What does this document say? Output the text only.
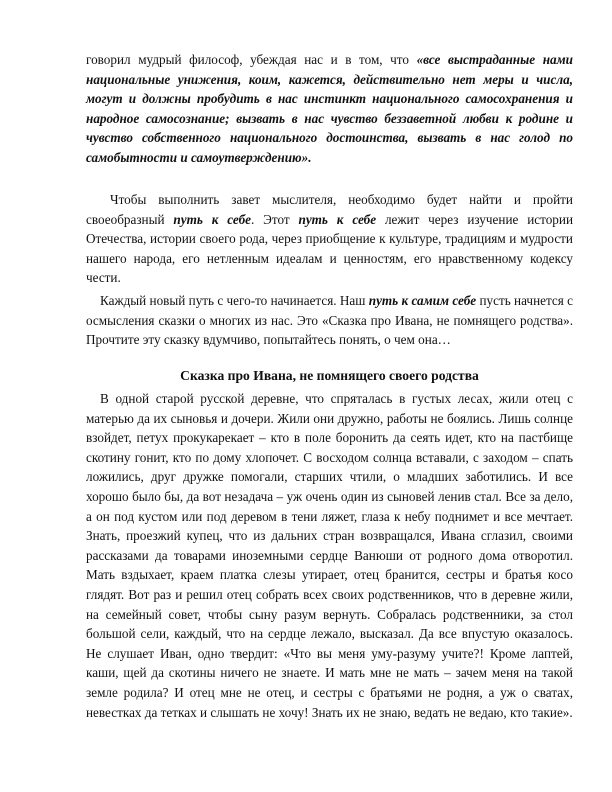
говорил мудрый философ, убеждая нас и в том, что «все выстраданные нами национальные унижения, коим, кажется, действительно нет меры и числа, могут и должны пробудить в нас инстинкт национального самосохранения и народное самосознание; вызвать в нас чувство беззаветной любви к родине и чувство собственного национального достоинства, вызвать в нас голод по самобытности и самоутверждению».
Чтобы выполнить завет мыслителя, необходимо будет найти и пройти своеобразный путь к себе. Этот путь к себе лежит через изучение истории Отечества, истории своего рода, через приобщение к культуре, традициям и мудрости нашего народа, его нетленным идеалам и ценностям, его нравственному кодексу чести.
Каждый новый путь с чего-то начинается. Наш путь к самим себе пусть начнется с осмысления сказки о многих из нас. Это «Сказка про Ивана, не помнящего родства». Прочтите эту сказку вдумчиво, попытайтесь понять, о чем она…
Сказка про Ивана, не помнящего своего родства
В одной старой русской деревне, что спряталась в густых лесах, жили отец с матерью да их сыновья и дочери. Жили они дружно, работы не боялись. Лишь солнце взойдет, петух прокукарекает – кто в поле боронить да сеять идет, кто на пастбище скотину гонит, кто по дому хлопочет. С восходом солнца вставали, с заходом – спать ложились, друг дружке помогали, старших чтили, о младших заботились. И все хорошо было бы, да вот незадача – уж очень один из сыновей ленив стал. Все за дело, а он под кустом или под деревом в тени ляжет, глаза к небу поднимет и все мечтает. Знать, проезжий купец, что из дальних стран возвращался, Ивана сглазил, своими рассказами да товарами иноземными сердце Ванюши от родного дома отворотил. Мать вздыхает, краем платка слезы утирает, отец бранится, сестры и братья косо глядят. Вот раз и решил отец собрать всех своих родственников, что в деревне жили, на семейный совет, чтобы сыну разум вернуть. Собралась родственники, за стол большой сели, каждый, что на сердце лежало, высказал. Да все впустую оказалось. Не слушает Иван, одно твердит: «Что вы меня уму-разуму учите?! Кроме лаптей, каши, щей да скотины ничего не знаете. И мать мне не мать – зачем меня на такой земле родила? И отец мне не отец, и сестры с братьями не родня, а уж о сватах, невестках да тетках и слышать не хочу! Знать их не знаю, ведать не ведаю, кто такие».
